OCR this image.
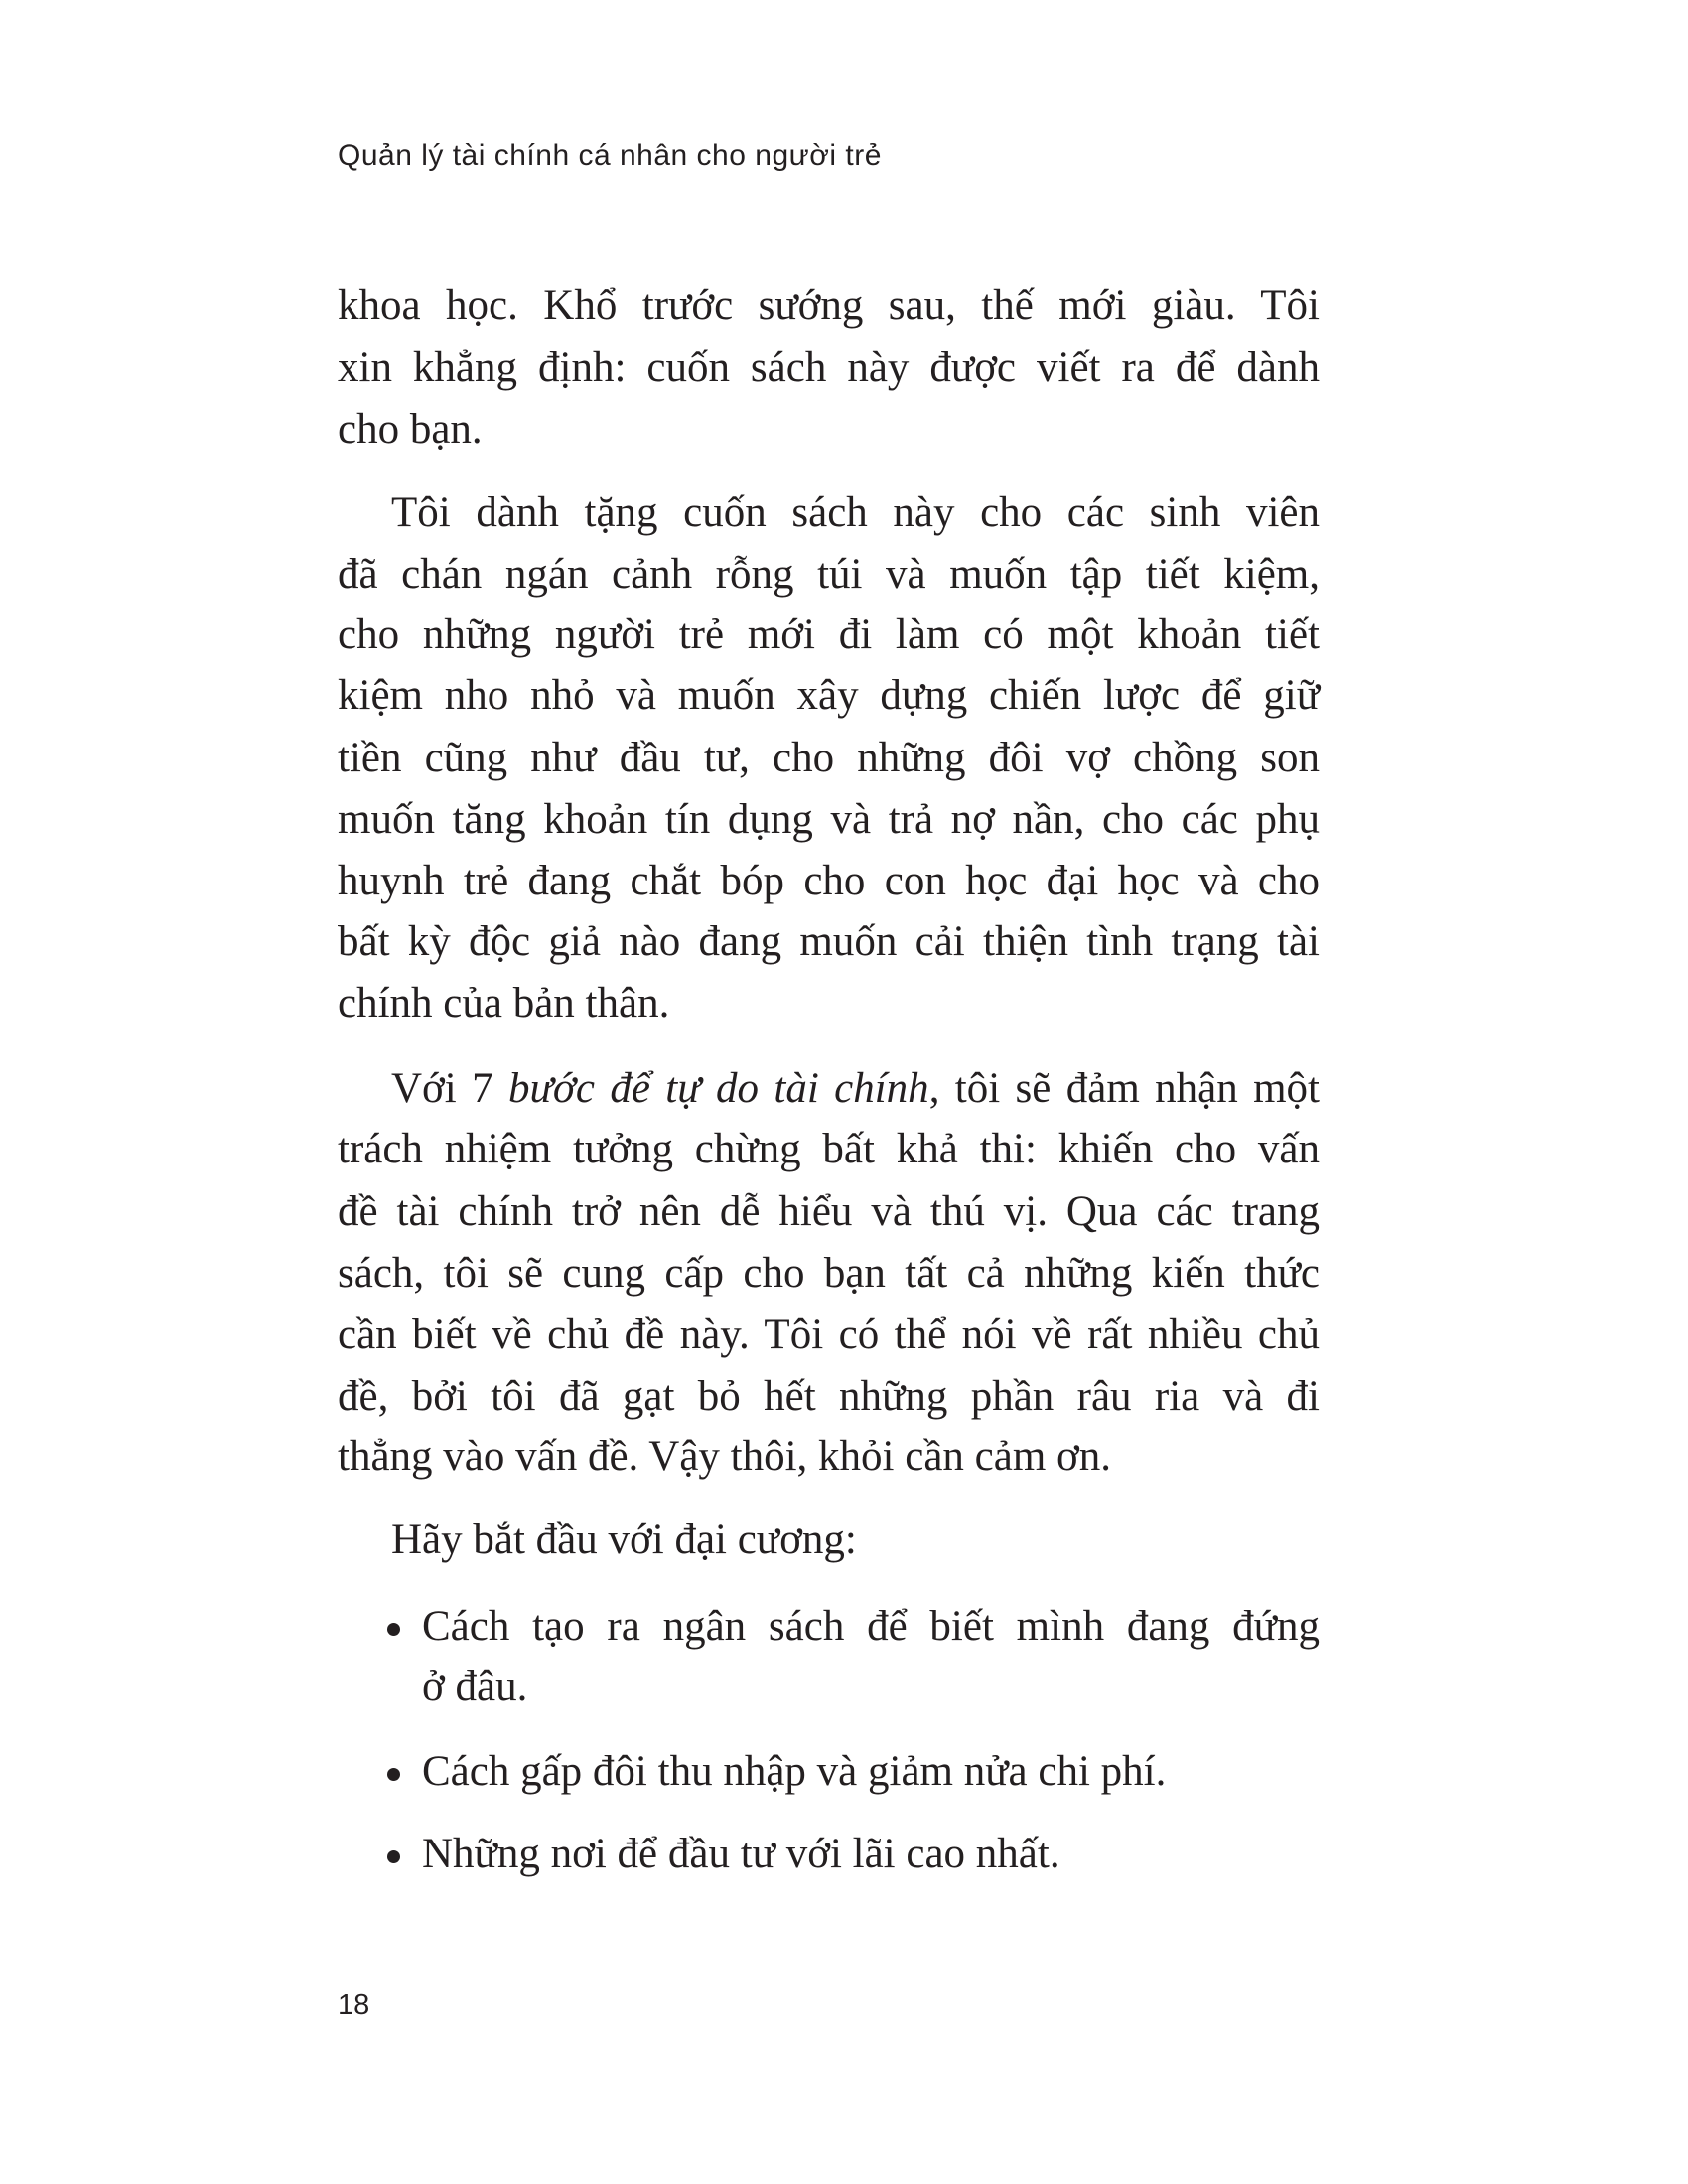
Quản lý tài chính cá nhân cho người trẻ
khoa học. Khổ trước sướng sau, thế mới giàu. Tôi
xin khẳng định: cuốn sách này được viết ra để dành
cho bạn.
Tôi dành tặng cuốn sách này cho các sinh viên
đã chán ngán cảnh rỗng túi và muốn tập tiết kiệm,
cho những người trẻ mới đi làm có một khoản tiết
kiệm nho nhỏ và muốn xây dựng chiến lược để giữ
tiền cũng như đầu tư, cho những đôi vợ chồng son
muốn tăng khoản tín dụng và trả nợ nần, cho các phụ
huynh trẻ đang chắt bóp cho con học đại học và cho
bất kỳ độc giả nào đang muốn cải thiện tình trạng tài
chính của bản thân.
Với 7 bước để tự do tài chính, tôi sẽ đảm nhận một
trách nhiệm tưởng chừng bất khả thi: khiến cho vấn
đề tài chính trở nên dễ hiểu và thú vị. Qua các trang
sách, tôi sẽ cung cấp cho bạn tất cả những kiến thức
cần biết về chủ đề này. Tôi có thể nói về rất nhiều chủ
đề, bởi tôi đã gạt bỏ hết những phần râu ria và đi
thẳng vào vấn đề. Vậy thôi, khỏi cần cảm ơn.
Hãy bắt đầu với đại cương:
Cách tạo ra ngân sách để biết mình đang đứng
ở đâu.
Cách gấp đôi thu nhập và giảm nửa chi phí.
Những nơi để đầu tư với lãi cao nhất.
18
